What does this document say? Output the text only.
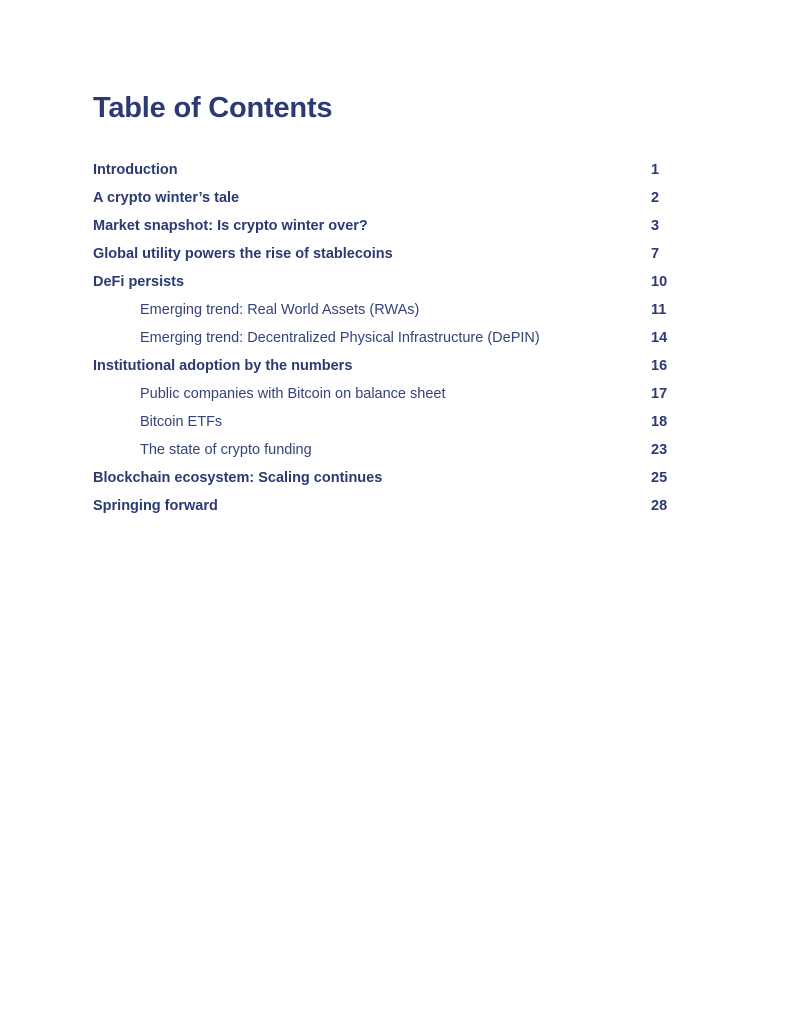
Table of Contents
Introduction	1
A crypto winter’s tale	2
Market snapshot: Is crypto winter over?	3
Global utility powers the rise of stablecoins	7
DeFi persists	10
Emerging trend: Real World Assets (RWAs)	11
Emerging trend: Decentralized Physical Infrastructure (DePIN)	14
Institutional adoption by the numbers	16
Public companies with Bitcoin on balance sheet	17
Bitcoin ETFs	18
The state of crypto funding	23
Blockchain ecosystem: Scaling continues	25
Springing forward	28
